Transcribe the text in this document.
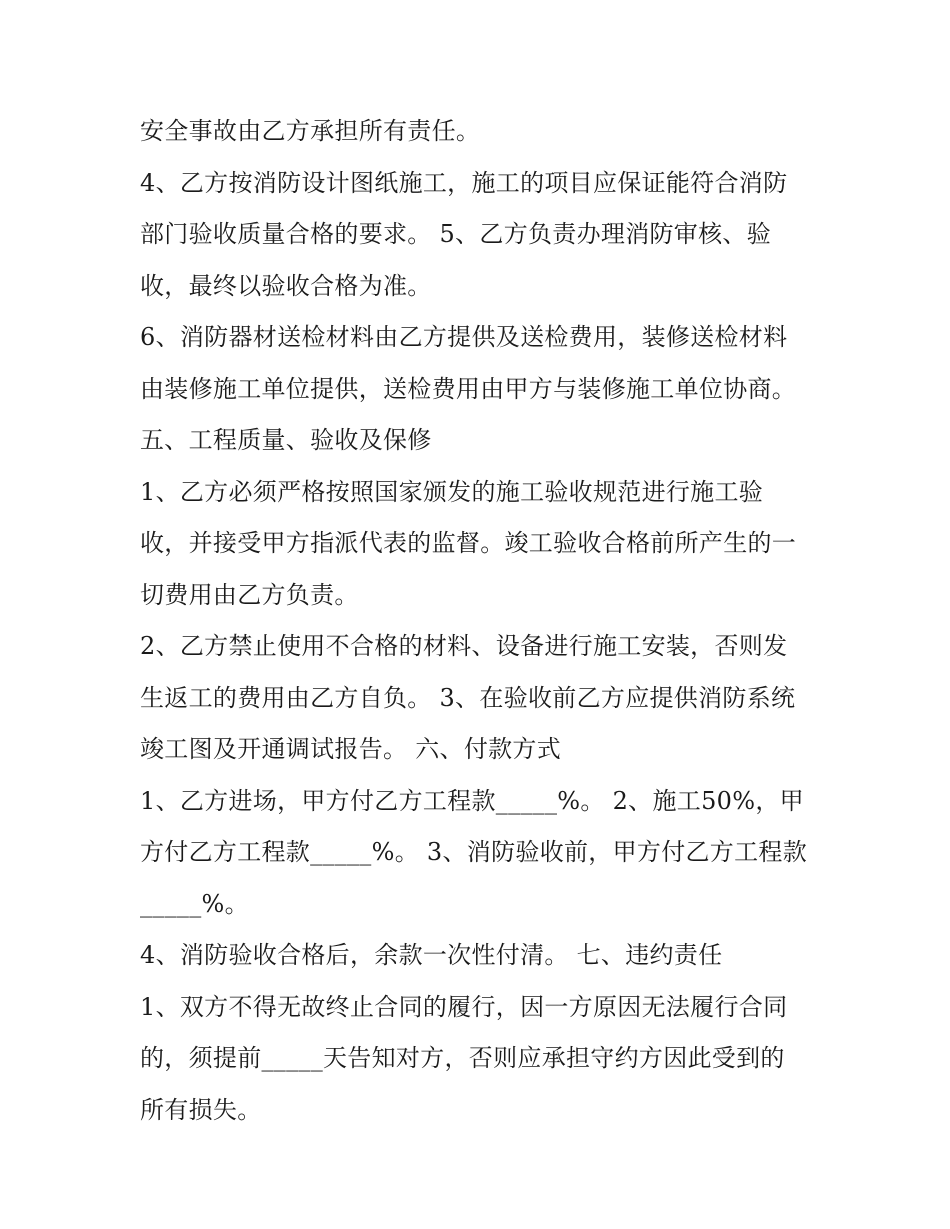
安全事故由乙方承担所有责任。
4、乙方按消防设计图纸施工，施工的项目应保证能符合消防
部门验收质量合格的要求。 5、乙方负责办理消防审核、验
收，最终以验收合格为准。
6、消防器材送检材料由乙方提供及送检费用，装修送检材料
由装修施工单位提供，送检费用由甲方与装修施工单位协商。
五、工程质量、验收及保修
1、乙方必须严格按照国家颁发的施工验收规范进行施工验
收，并接受甲方指派代表的监督。竣工验收合格前所产生的一
切费用由乙方负责。
2、乙方禁止使用不合格的材料、设备进行施工安装，否则发
生返工的费用由乙方自负。 3、在验收前乙方应提供消防系统
竣工图及开通调试报告。 六、付款方式
1、乙方进场，甲方付乙方工程款_____%。 2、施工50%，甲
方付乙方工程款_____%。 3、消防验收前，甲方付乙方工程款
_____%。
4、消防验收合格后，余款一次性付清。 七、违约责任
1、双方不得无故终止合同的履行，因一方原因无法履行合同
的，须提前_____天告知对方，否则应承担守约方因此受到的
所有损失。
